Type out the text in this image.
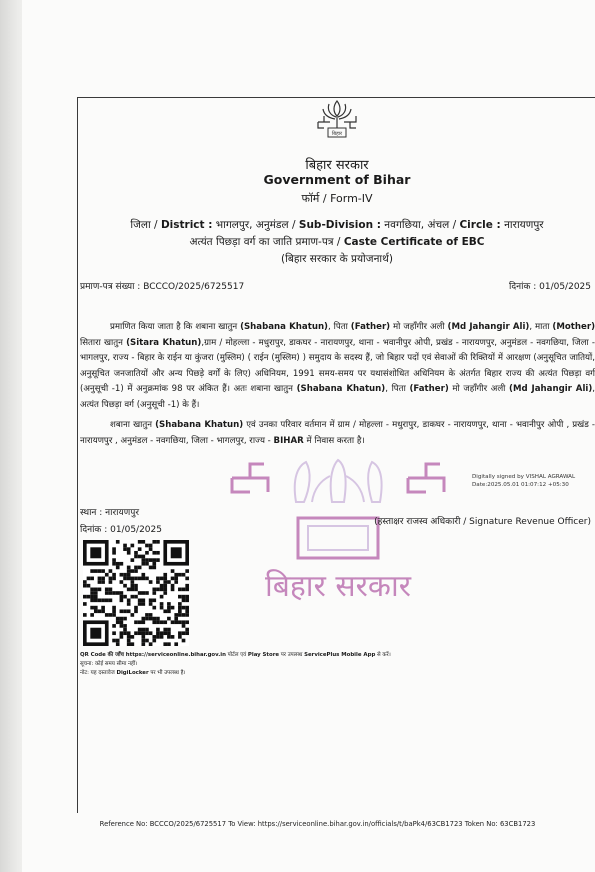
बिहार
बिहार सरकार
Government of Bihar
फॉर्म / Form-IV
जिला / District : भागलपुर, अनुमंडल / Sub-Division : नवगछिया, अंचल / Circle : नारायणपुर
अत्यंत पिछड़ा वर्ग का जाति प्रमाण-पत्र / Caste Certificate of EBC
(बिहार सरकार के प्रयोजनार्थ)
प्रमाण-पत्र संख्या : BCCCO/2025/6725517	दिनांक : 01/05/2025
बिहार सरकार

प्रमाणित किया जाता है कि शबाना खातुन (Shabana Khatun), पिता (Father) मो जहाँगीर अली (Md Jahangir Ali), माता (Mother) सितारा खातुन (Sitara Khatun),ग्राम / मोहल्ला - मधुरापुर, डाकघर - नारायणपुर, थाना - भवानीपुर ओपी, प्रखंड - नारायणपुर, अनुमंडल - नवगछिया, जिला - भागलपुर, राज्य - बिहार के राईन या कुंजरा (मुस्लिम) ( राईन (मुस्लिम) ) समुदाय के सदस्य हैं, जो बिहार पदों एवं सेवाओं की रिक्तियों में आरक्षण (अनुसूचित जातियों, अनुसूचित जनजातियों और अन्य पिछड़े वर्गों के लिए) अधिनियम, 1991 समय-समय पर यथासंशोधित अधिनियम के अंतर्गत बिहार राज्य की अत्यंत पिछड़ा वर्ग (अनुसूची -1) में अनुक्रमांक 98 पर अंकित हैं। अतः शबाना खातुन (Shabana Khatun), पिता (Father) मो जहाँगीर अली (Md Jahangir Ali), अत्यंत पिछड़ा वर्ग (अनुसूची -1) के हैं।

शबाना खातुन (Shabana Khatun) एवं उनका परिवार वर्तमान में ग्राम / मोहल्ला - मधुरापुर, डाकघर - नारायणपुर, थाना - भवानीपुर ओपी , प्रखंड - नारायणपुर , अनुमंडल - नवगछिया, जिला - भागलपुर, राज्य - BIHAR में निवास करता है।

Digitally signed by VISHAL AGRAWAL
Date:2025.05.01 01:07:12 +05:30
स्थान : नारायणपुर
दिनांक : 01/05/2025
(हस्ताक्षर राजस्व अधिकारी / Signature Revenue Officer)
QR Code की जाँच https://serviceonline.bihar.gov.in पोर्टल एवं Play Store पर उपलब्ध ServicePlus Mobile App से करें।
सूचना: कोई समय सीमा नहीं।
नोट: यह दस्तावेज DigiLocker पर भी उपलब्ध है।
Reference No: BCCCO/2025/6725517 To View: https://serviceonline.bihar.gov.in/officials/t/baPk4/63CB1723 Token No: 63CB1723
